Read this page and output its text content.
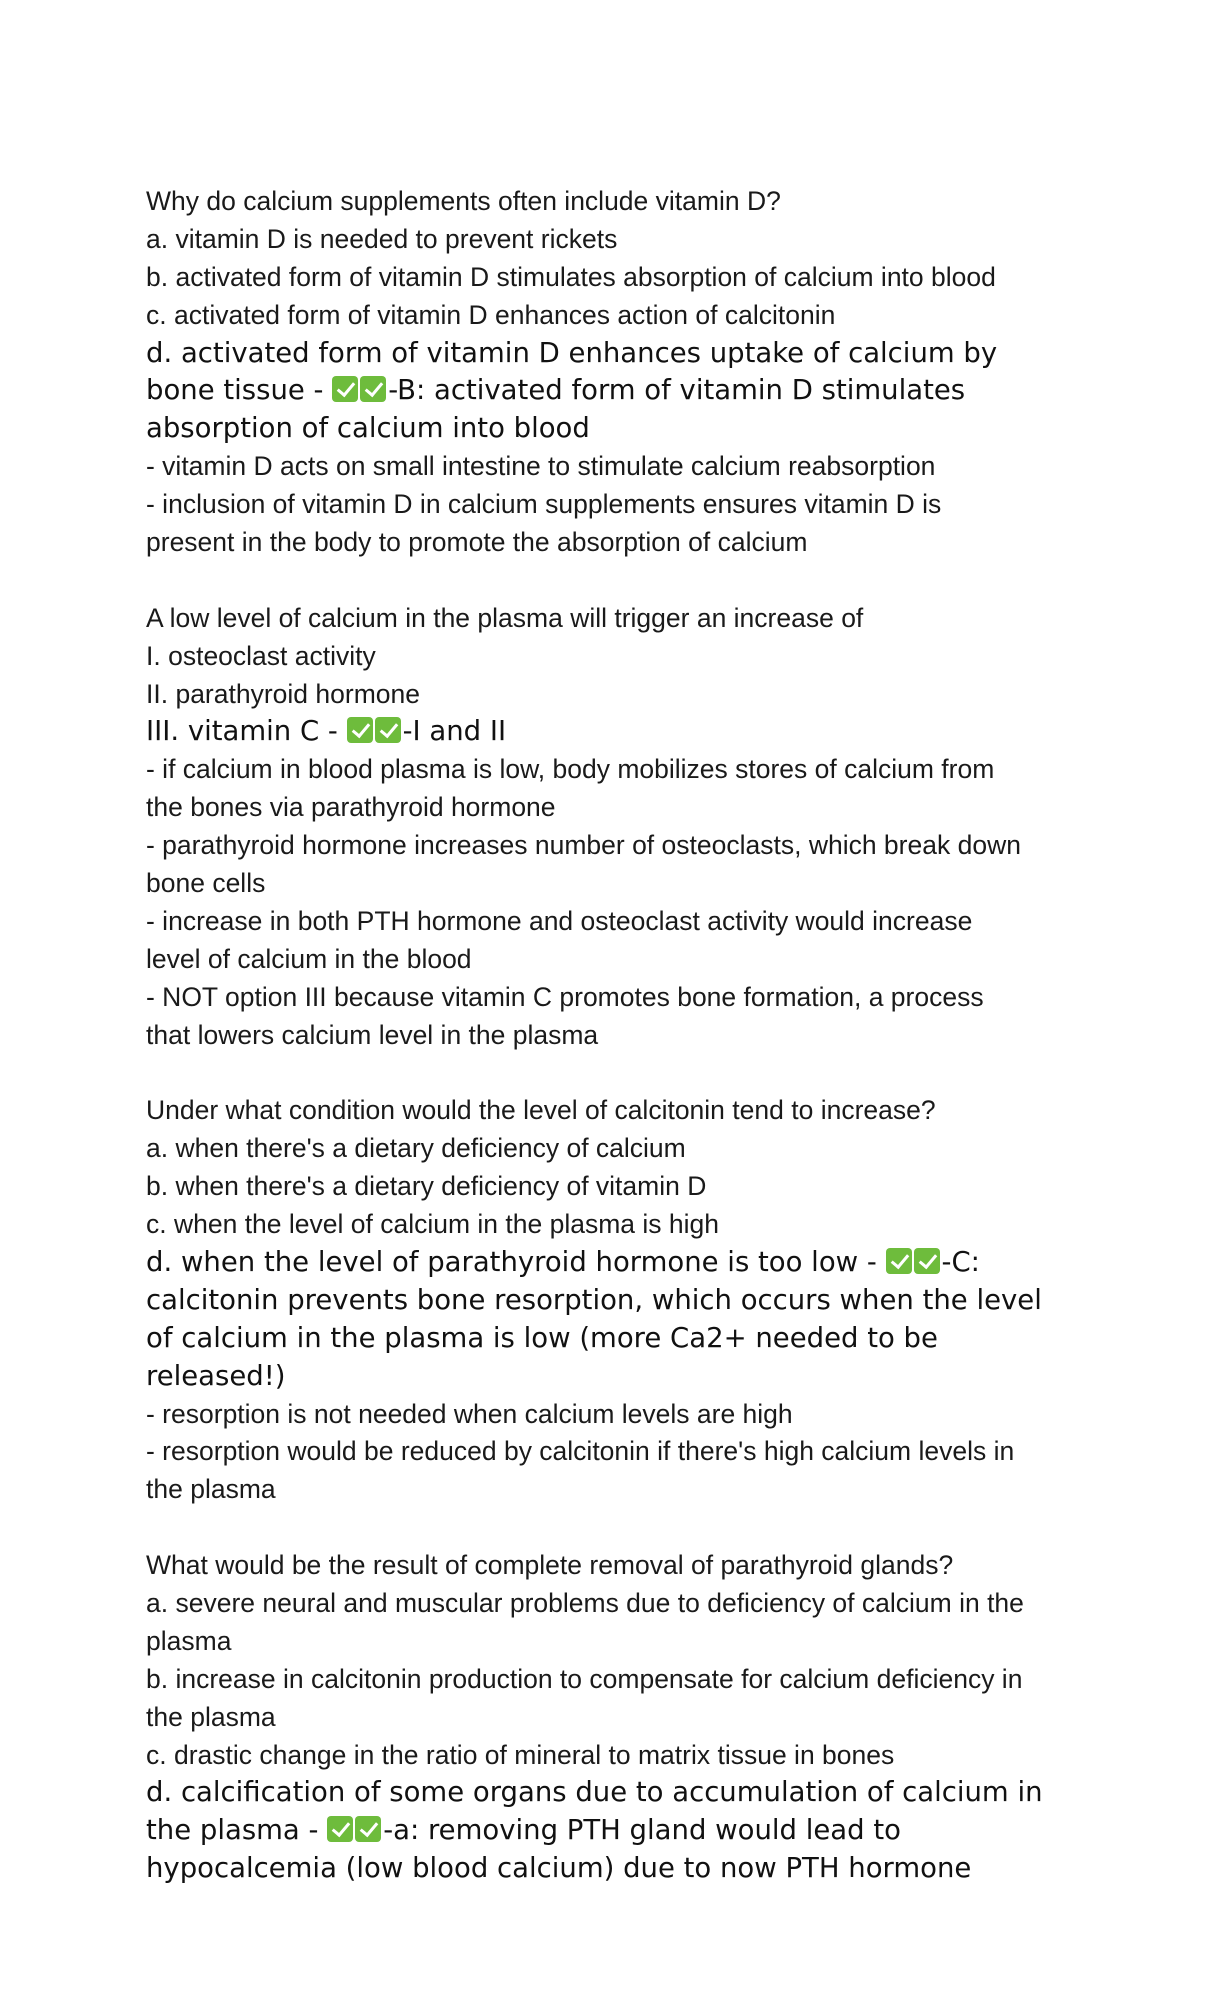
Why do calcium supplements often include vitamin D?
a. vitamin D is needed to prevent rickets
b. activated form of vitamin D stimulates absorption of calcium into blood
c. activated form of vitamin D enhances action of calcitonin
d. activated form of vitamin D enhances uptake of calcium by
bone tissue - -B: activated form of vitamin D stimulates
absorption of calcium into blood
- vitamin D acts on small intestine to stimulate calcium reabsorption
- inclusion of vitamin D in calcium supplements ensures vitamin D is
present in the body to promote the absorption of calcium
A low level of calcium in the plasma will trigger an increase of
I. osteoclast activity
II. parathyroid hormone
III. vitamin C - -I and II
- if calcium in blood plasma is low, body mobilizes stores of calcium from
the bones via parathyroid hormone
- parathyroid hormone increases number of osteoclasts, which break down
bone cells
- increase in both PTH hormone and osteoclast activity would increase
level of calcium in the blood
- NOT option III because vitamin C promotes bone formation, a process
that lowers calcium level in the plasma
Under what condition would the level of calcitonin tend to increase?
a. when there's a dietary deficiency of calcium
b. when there's a dietary deficiency of vitamin D
c. when the level of calcium in the plasma is high
d. when the level of parathyroid hormone is too low - -C:
calcitonin prevents bone resorption, which occurs when the level
of calcium in the plasma is low (more Ca2+ needed to be
released!)
- resorption is not needed when calcium levels are high
- resorption would be reduced by calcitonin if there's high calcium levels in
the plasma
What would be the result of complete removal of parathyroid glands?
a. severe neural and muscular problems due to deficiency of calcium in the
plasma
b. increase in calcitonin production to compensate for calcium deficiency in
the plasma
c. drastic change in the ratio of mineral to matrix tissue in bones
d. calcification of some organs due to accumulation of calcium in
the plasma - -a: removing PTH gland would lead to
hypocalcemia (low blood calcium) due to now PTH hormone
